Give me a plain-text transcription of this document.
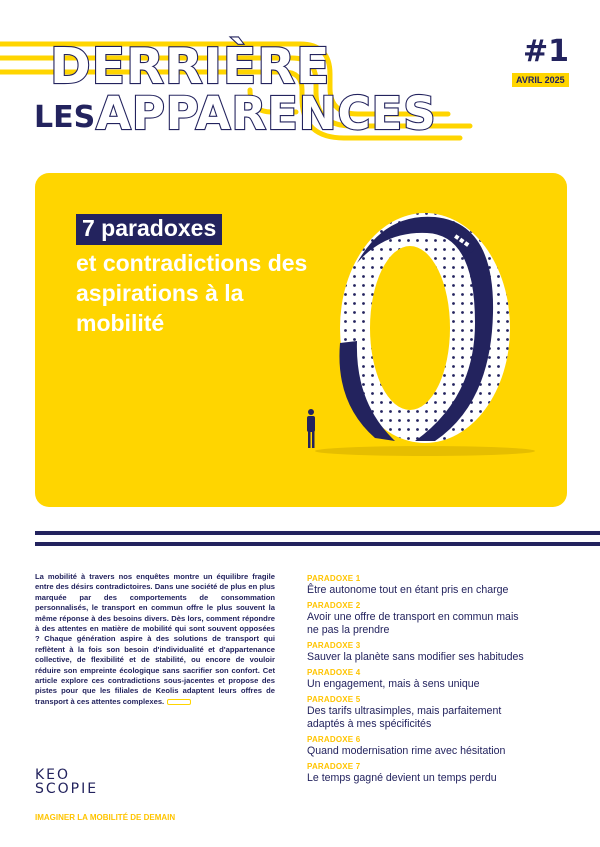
DERRIÈRE
LES APPARENCES
#1
AVRIL 2025
7 paradoxes
et contradictions des aspirations à la mobilité
La mobilité à travers nos enquêtes montre un équilibre fragile entre des désirs contradictoires. Dans une société de plus en plus marquée par des comportements de consommation personnalisés, le transport en commun offre le plus souvent la même réponse à des besoins divers. Dès lors, comment répondre à des attentes en matière de mobilité qui sont souvent opposées ? Chaque génération aspire à des solutions de transport qui reflètent à la fois son besoin d'individualité et d'appartenance collective, de flexibilité et de stabilité, ou encore de vouloir réduire son empreinte écologique sans sacrifier son confort. Cet article explore ces contradictions sous-jacentes et propose des pistes pour que les filiales de Keolis adaptent leurs offres de transport à ces attentes complexes.
PARADOXE 1
Être autonome tout en étant pris en charge
PARADOXE 2
Avoir une offre de transport en commun mais ne pas la prendre
PARADOXE 3
Sauver la planète sans modifier ses habitudes
PARADOXE 4
Un engagement, mais à sens unique
PARADOXE 5
Des tarifs ultrasimples, mais parfaitement adaptés à mes spécificités
PARADOXE 6
Quand modernisation rime avec hésitation
PARADOXE 7
Le temps gagné devient un temps perdu
KEO
SCOPIE
IMAGINER LA MOBILITÉ DE DEMAIN
